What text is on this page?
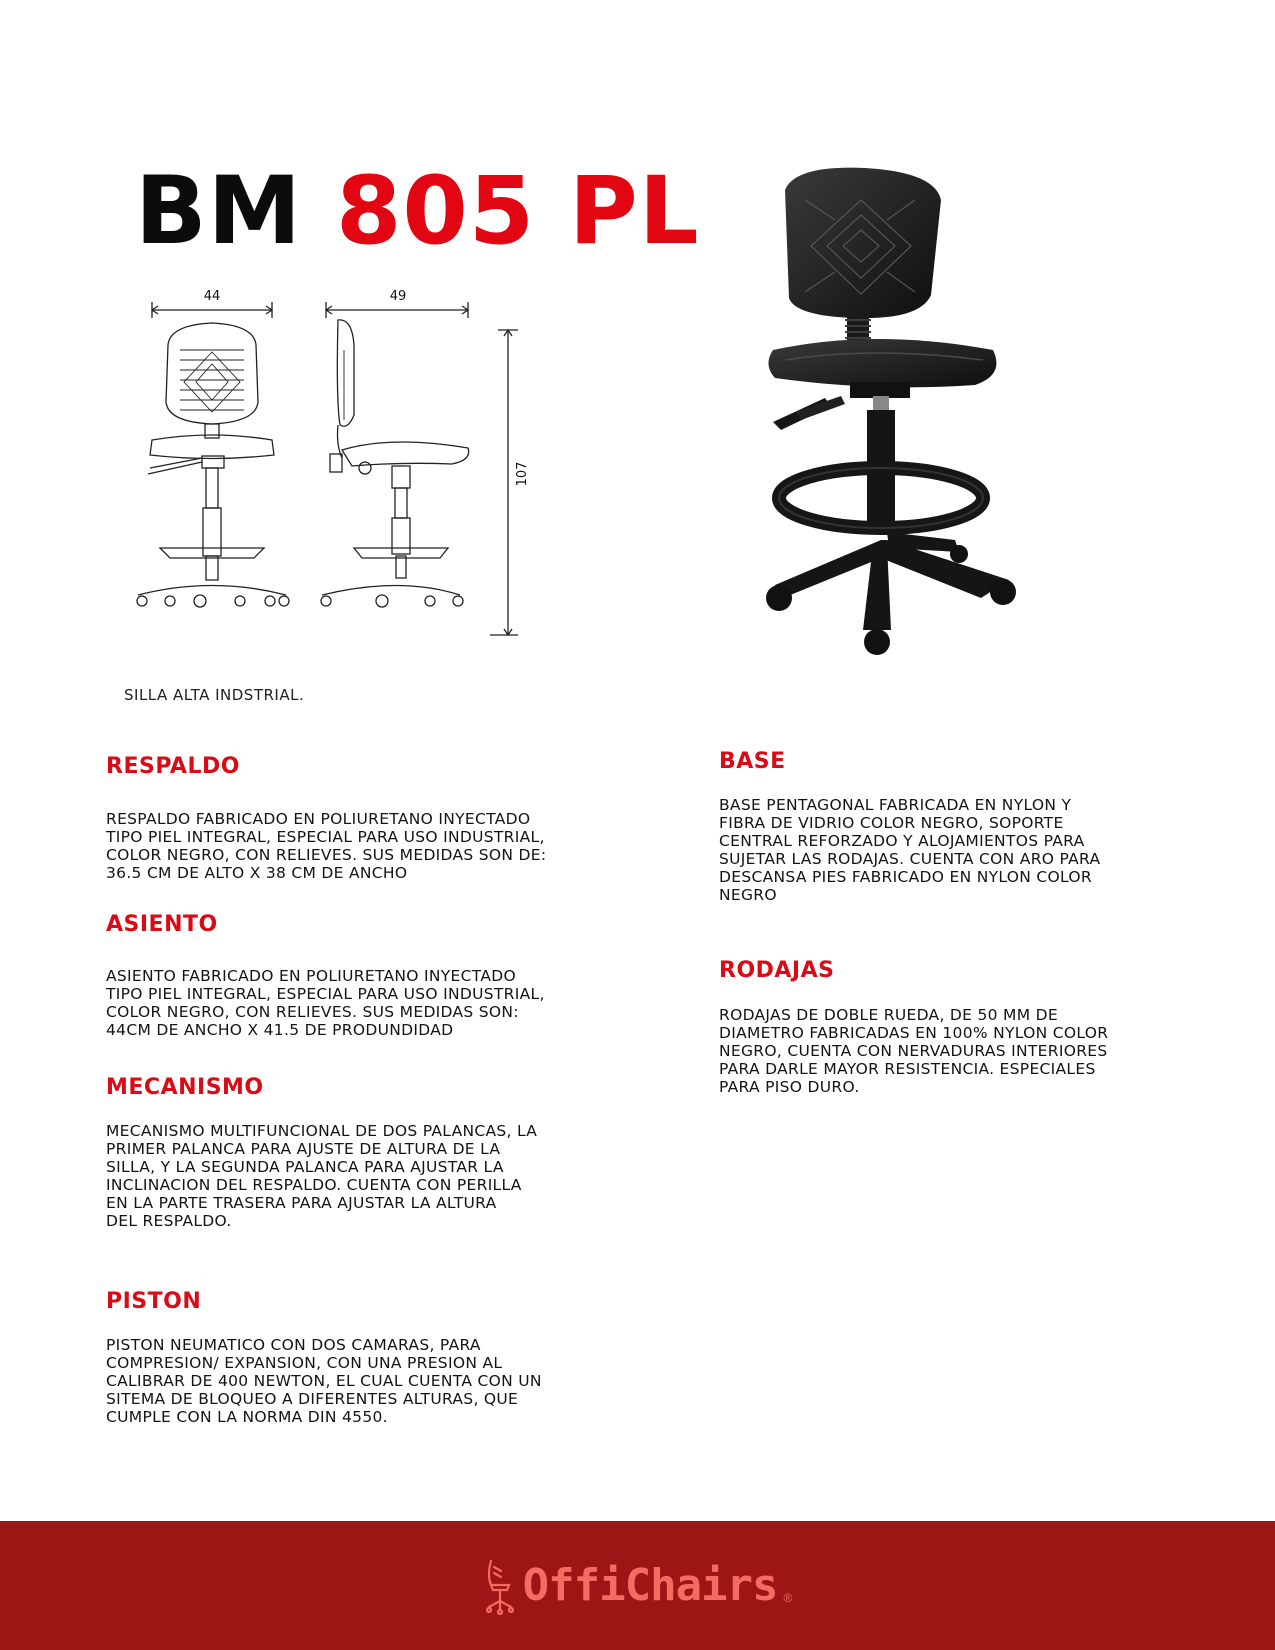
BM 805 PL
44	49
107

SILLA ALTA INDSTRIAL.

RESPALDO
RESPALDO FABRICADO EN POLIURETANO INYECTADO
TIPO PIEL INTEGRAL, ESPECIAL PARA USO INDUSTRIAL,
COLOR NEGRO, CON RELIEVES. SUS MEDIDAS SON DE:
36.5 CM DE ALTO X 38 CM DE ANCHO
ASIENTO
ASIENTO FABRICADO EN POLIURETANO INYECTADO
TIPO PIEL INTEGRAL, ESPECIAL PARA USO INDUSTRIAL,
COLOR NEGRO, CON RELIEVES. SUS MEDIDAS SON:
44CM DE ANCHO X 41.5 DE PRODUNDIDAD
MECANISMO
MECANISMO MULTIFUNCIONAL DE DOS PALANCAS, LA
PRIMER PALANCA PARA AJUSTE DE ALTURA DE LA
SILLA, Y LA SEGUNDA PALANCA PARA AJUSTAR LA
INCLINACION DEL RESPALDO. CUENTA CON PERILLA
EN LA PARTE TRASERA PARA AJUSTAR LA ALTURA
DEL RESPALDO.
PISTON
PISTON NEUMATICO CON DOS CAMARAS, PARA
COMPRESION/ EXPANSION, CON UNA PRESION AL
CALIBRAR DE 400 NEWTON, EL CUAL CUENTA CON UN
SITEMA DE BLOQUEO A DIFERENTES ALTURAS, QUE
CUMPLE CON LA NORMA DIN 4550.
BASE
BASE PENTAGONAL FABRICADA EN NYLON Y
FIBRA DE VIDRIO COLOR NEGRO, SOPORTE
CENTRAL REFORZADO Y ALOJAMIENTOS PARA
SUJETAR LAS RODAJAS. CUENTA CON ARO PARA
DESCANSA PIES FABRICADO EN NYLON COLOR
NEGRO
RODAJAS
RODAJAS DE DOBLE RUEDA, DE 50 MM DE
DIAMETRO FABRICADAS EN 100% NYLON COLOR
NEGRO, CUENTA CON NERVADURAS INTERIORES
PARA DARLE MAYOR RESISTENCIA. ESPECIALES
PARA PISO DURO.
OffiChairs ®
